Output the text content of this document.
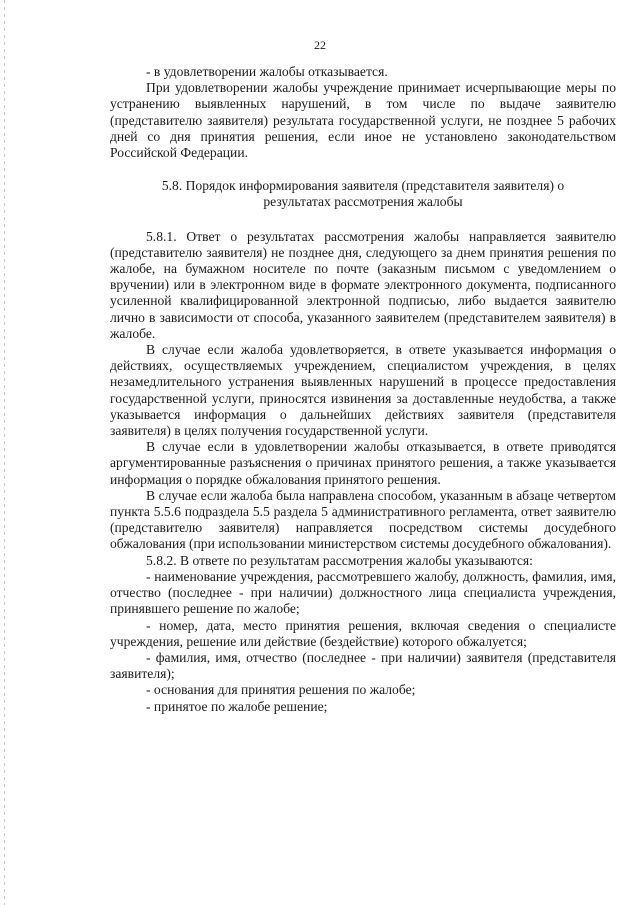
22

- в удовлетворении жалобы отказывается.

При удовлетворении жалобы учреждение принимает исчерпывающие меры по устранению выявленных нарушений, в том числе по выдаче заявителю (представителю заявителя) результата государственной услуги, не позднее 5 рабочих дней со дня принятия решения, если иное не установлено законодательством Российской Федерации.

5.8. Порядок информирования заявителя (представителя заявителя) о результатах рассмотрения жалобы

5.8.1. Ответ о результатах рассмотрения жалобы направляется заявителю (представителю заявителя) не позднее дня, следующего за днем принятия решения по жалобе, на бумажном носителе по почте (заказным письмом с уведомлением о вручении) или в электронном виде в формате электронного документа, подписанного усиленной квалифицированной электронной подписью, либо выдается заявителю лично в зависимости от способа, указанного заявителем (представителем заявителя) в жалобе.

В случае если жалоба удовлетворяется, в ответе указывается информация о действиях, осуществляемых учреждением, специалистом учреждения, в целях незамедлительного устранения выявленных нарушений в процессе предоставления государственной услуги, приносятся извинения за доставленные неудобства, а также указывается информация о дальнейших действиях заявителя (представителя заявителя) в целях получения государственной услуги.

В случае если в удовлетворении жалобы отказывается, в ответе приводятся аргументированные разъяснения о причинах принятого решения, а также указывается информация о порядке обжалования принятого решения.

В случае если жалоба была направлена способом, указанным в абзаце четвертом пункта 5.5.6 подраздела 5.5 раздела 5 административного регламента, ответ заявителю (представителю заявителя) направляется посредством системы досудебного обжалования (при использовании министерством системы досудебного обжалования).

5.8.2. В ответе по результатам рассмотрения жалобы указываются:

- наименование учреждения, рассмотревшего жалобу, должность, фамилия, имя, отчество (последнее - при наличии) должностного лица специалиста учреждения, принявшего решение по жалобе;

- номер, дата, место принятия решения, включая сведения о специалисте учреждения, решение или действие (бездействие) которого обжалуется;

- фамилия, имя, отчество (последнее - при наличии) заявителя (представителя заявителя);

- основания для принятия решения по жалобе;

- принятое по жалобе решение;
